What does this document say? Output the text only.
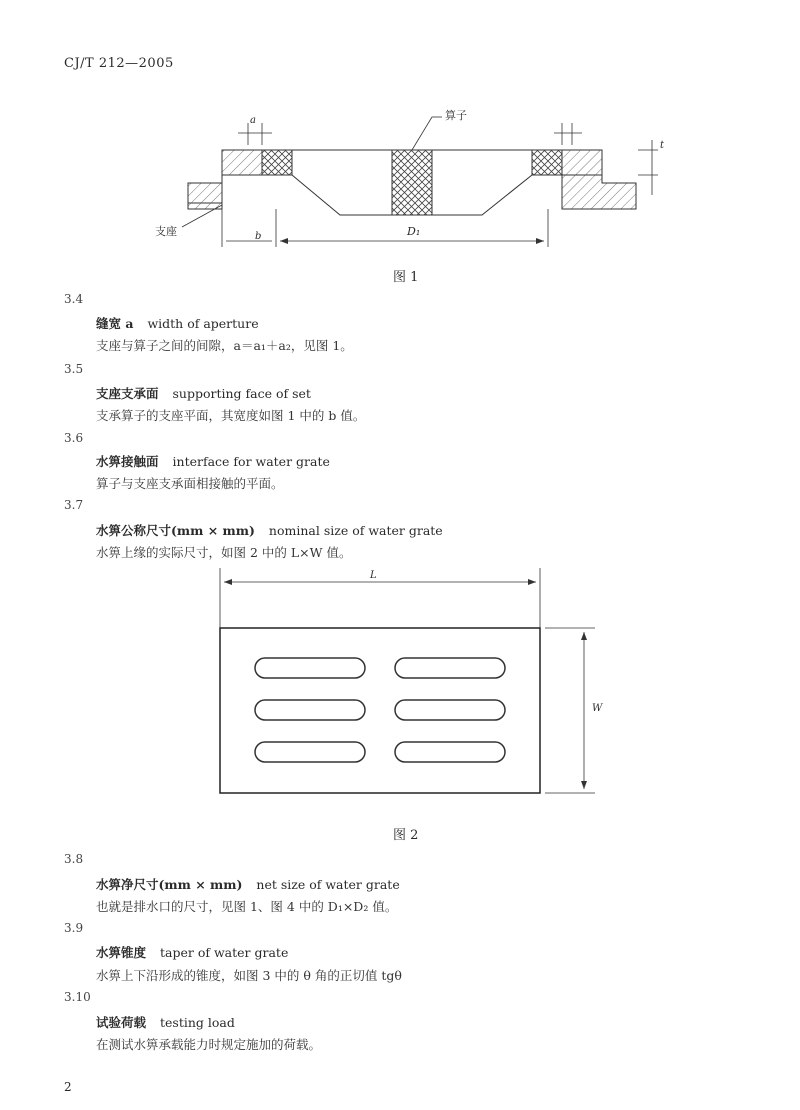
CJ/T 212—2005
算子
支座
a
t
b	D₁
图 1
3.4
缝宽 a width of aperture
支座与算子之间的间隙，a＝a₁＋a₂，见图 1。
3.5
支座支承面 supporting face of set
支承算子的支座平面，其宽度如图 1 中的 b 值。
3.6
水箅接触面 interface for water grate
算子与支座支承面相接触的平面。
3.7
水箅公称尺寸(mm × mm) nominal size of water grate
水箅上缘的实际尺寸，如图 2 中的 L×W 值。
L
W
图 2
3.8
水箅净尺寸(mm × mm) net size of water grate
也就是排水口的尺寸，见图 1、图 4 中的 D₁×D₂ 值。
3.9
水箅锥度 taper of water grate
水箅上下沿形成的锥度，如图 3 中的 θ 角的正切值 tgθ
3.10
试验荷载 testing load
在测试水箅承载能力时规定施加的荷载。
2
